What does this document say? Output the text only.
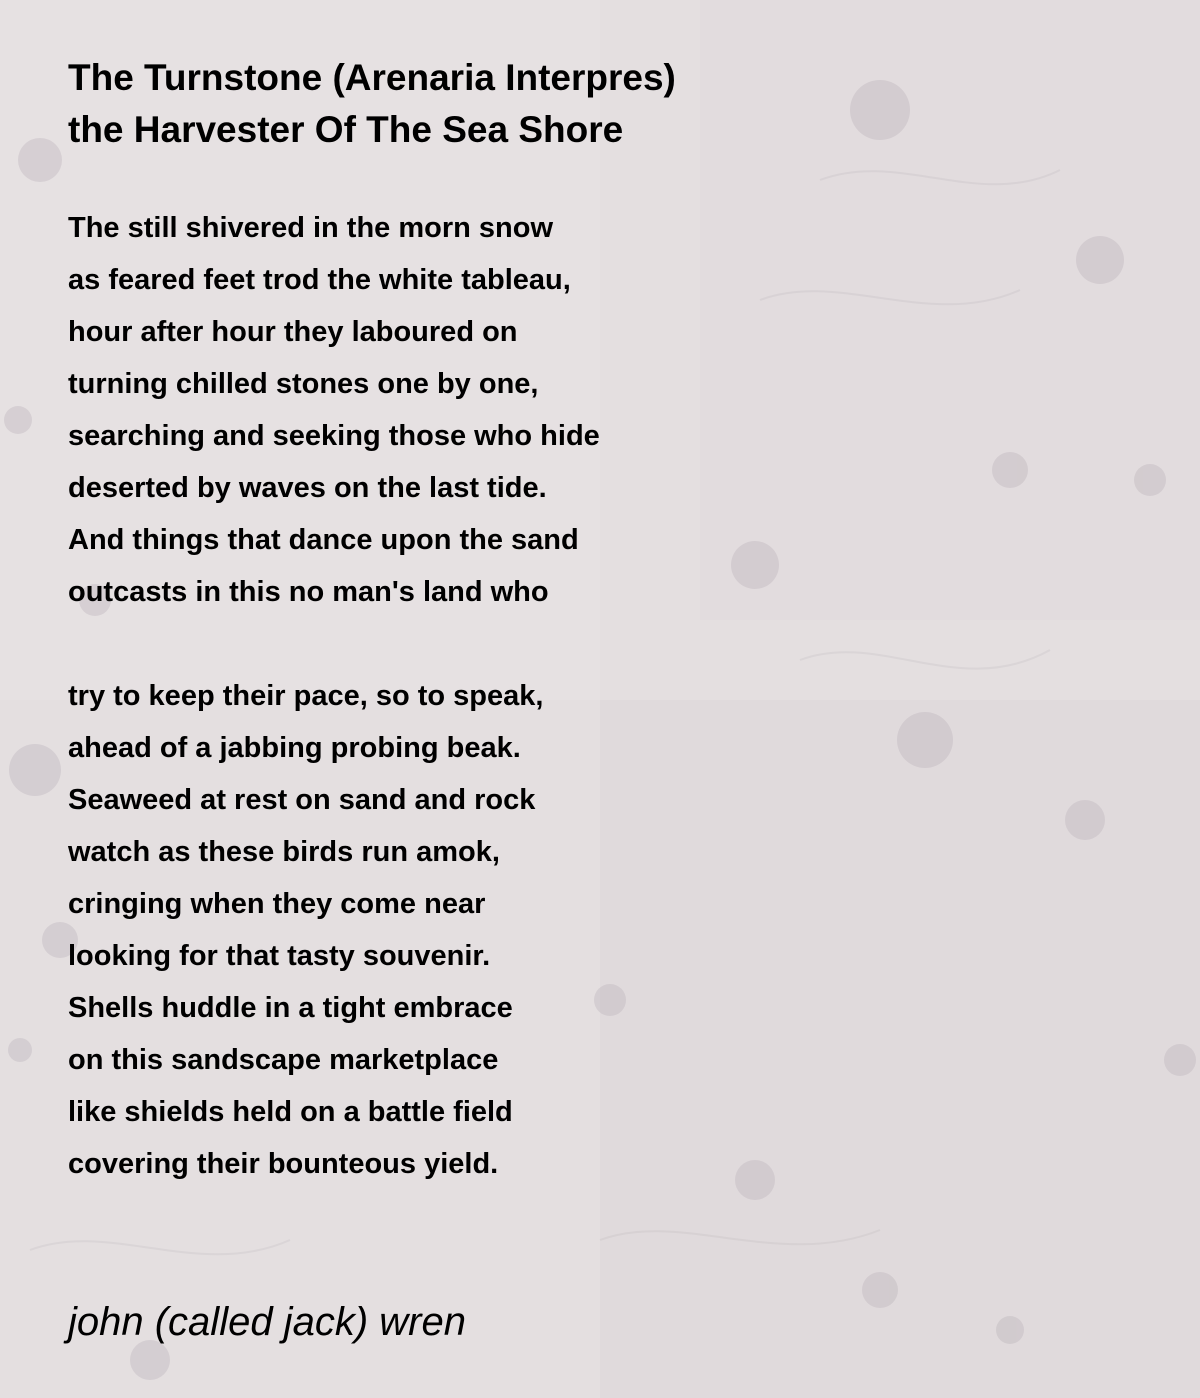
The Turnstone (Arenaria Interpres)
the Harvester Of The Sea Shore
The still shivered in the morn snow
as feared feet trod the white tableau,
hour after hour they laboured on
turning chilled stones one by one,
searching and seeking those who hide
deserted by waves on the last tide.
And things that dance upon the sand
outcasts in this no man's land who
try to keep their pace, so to speak,
ahead of a jabbing probing beak.
Seaweed at rest on sand and rock
watch as these birds run amok,
cringing when they come near
looking for that tasty souvenir.
Shells huddle in a tight embrace
on this sandscape marketplace
like shields held on a battle field
covering their bounteous yield.

john (called jack) wren
